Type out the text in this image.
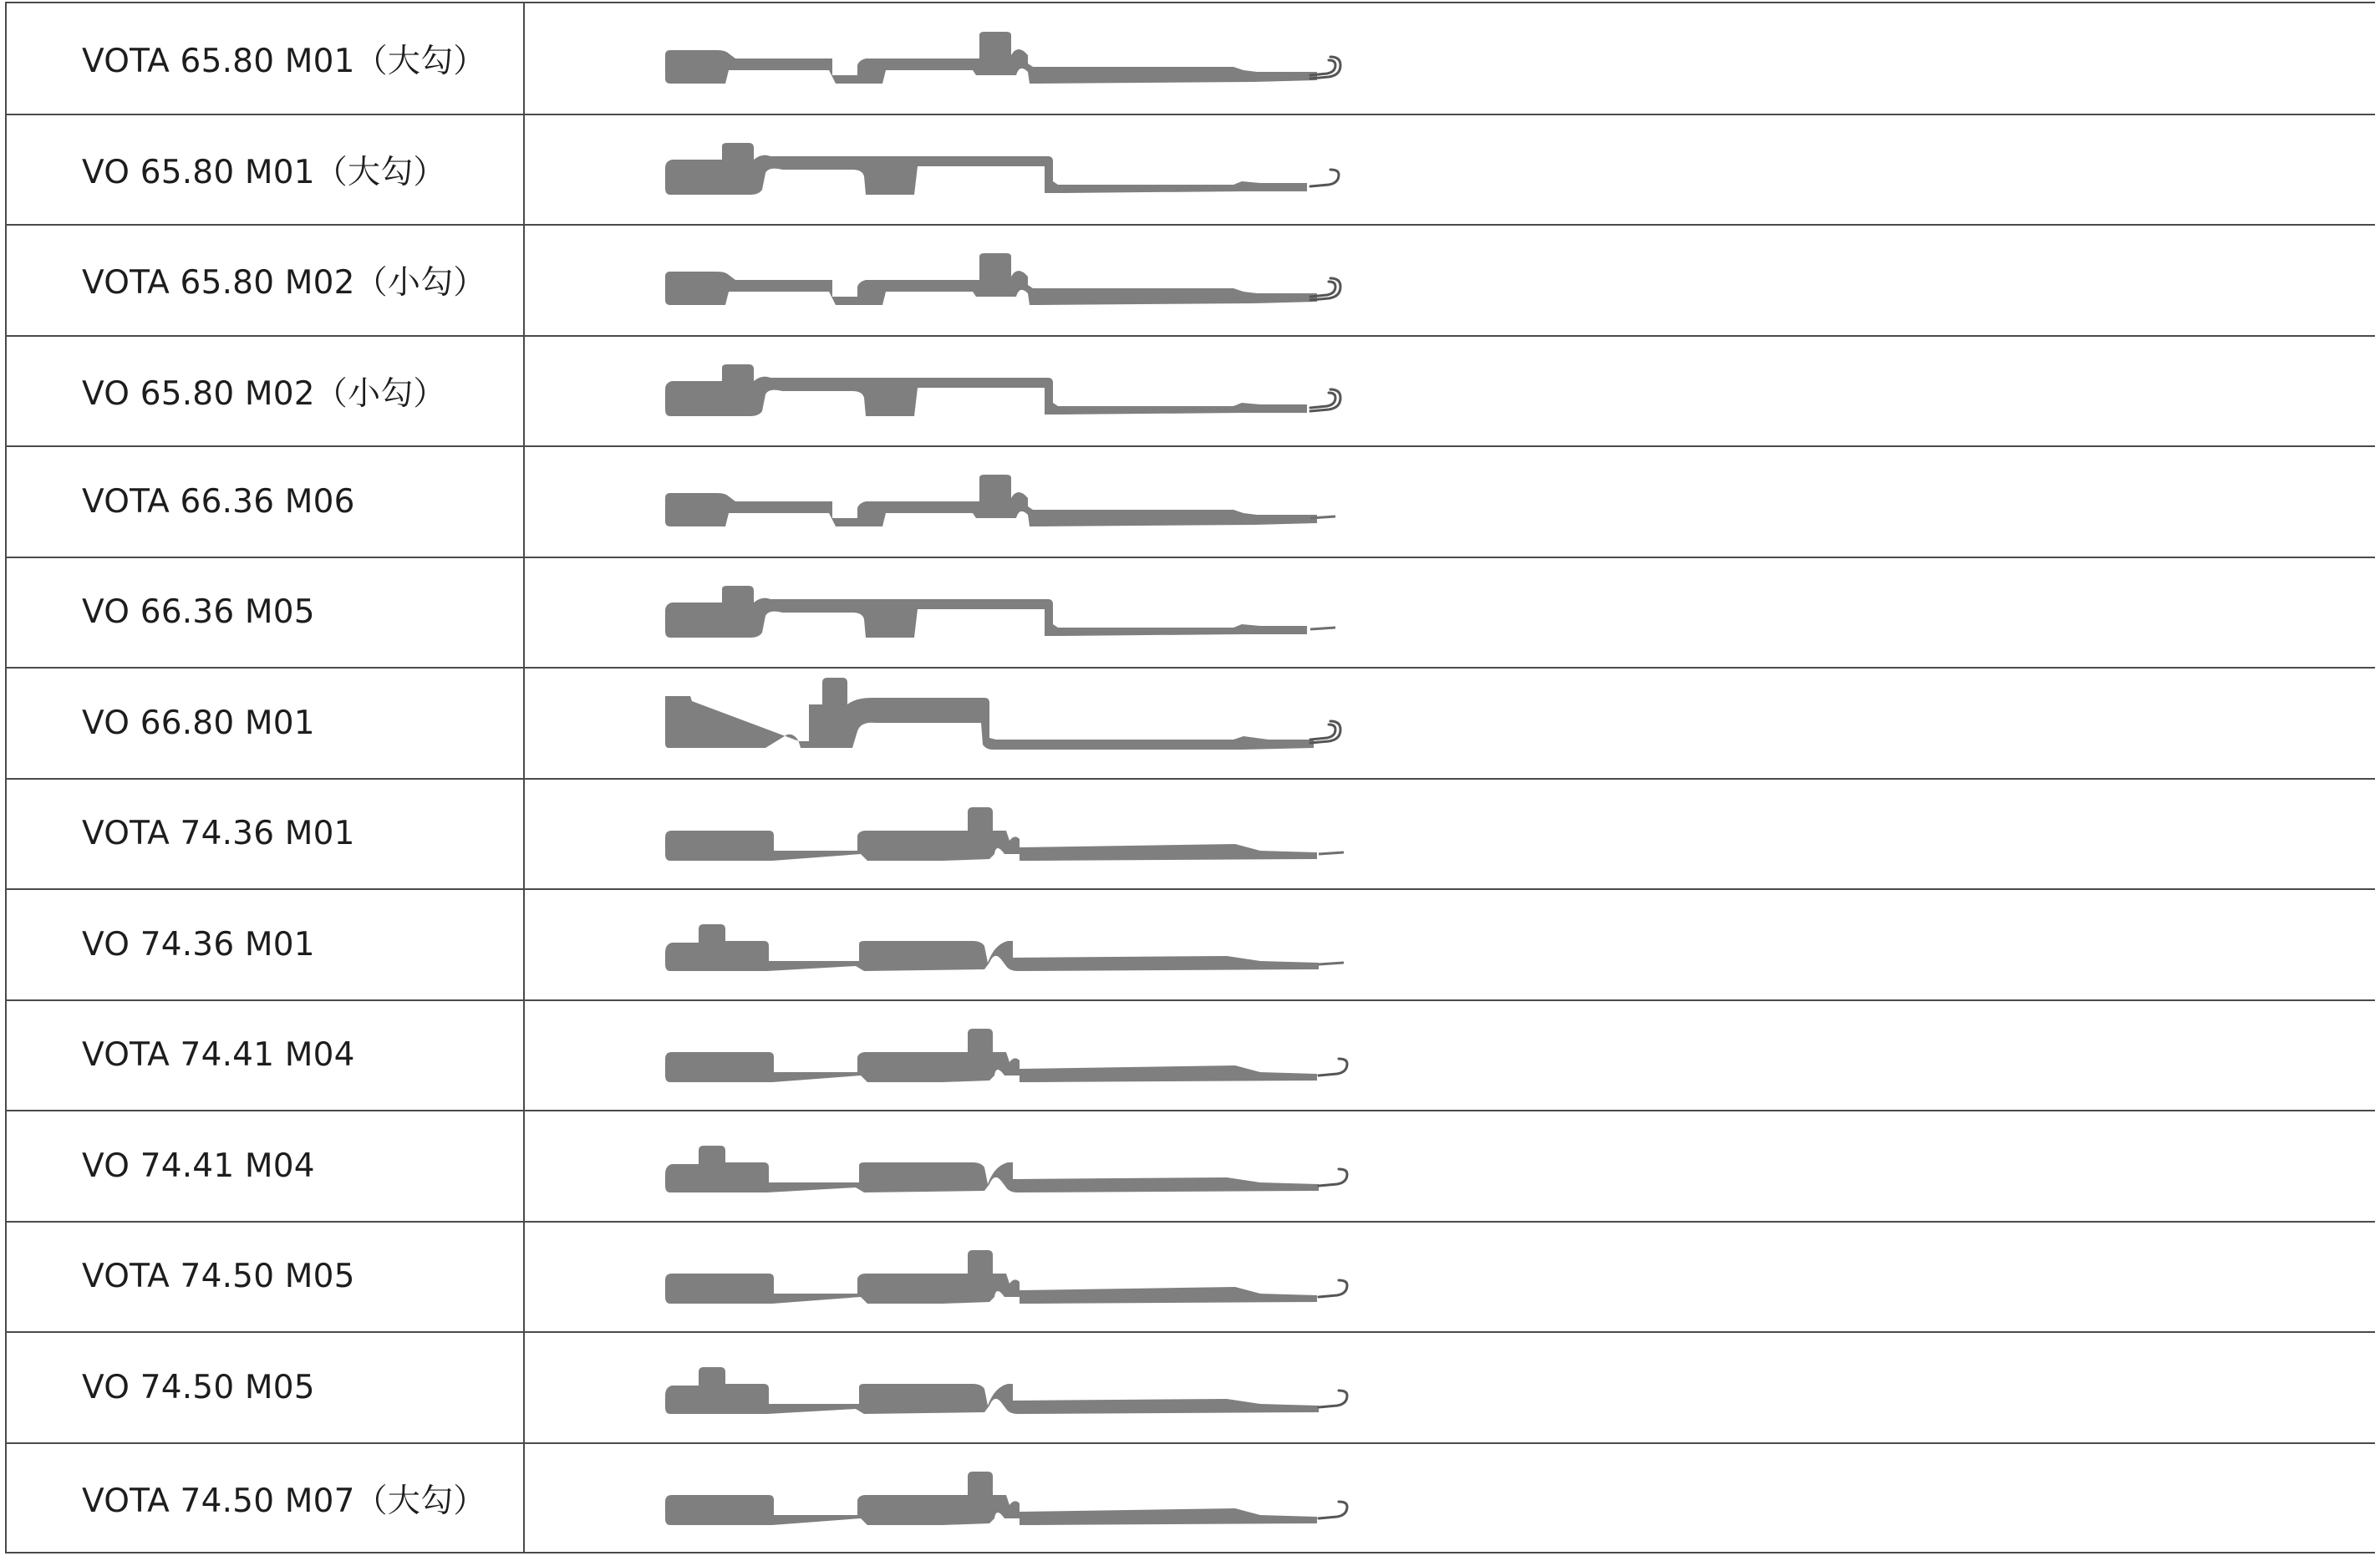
VOTA 65.80 M01（大勾）
VO 65.80 M01（大勾）
VOTA 65.80 M02（小勾）
VO 65.80 M02（小勾）
VOTA 66.36 M06
VO 66.36 M05
VO 66.80 M01
VOTA 74.36 M01
VO 74.36 M01
VOTA 74.41 M04
VO 74.41 M04
VOTA 74.50 M05
VO 74.50 M05
VOTA 74.50 M07（大勾）
